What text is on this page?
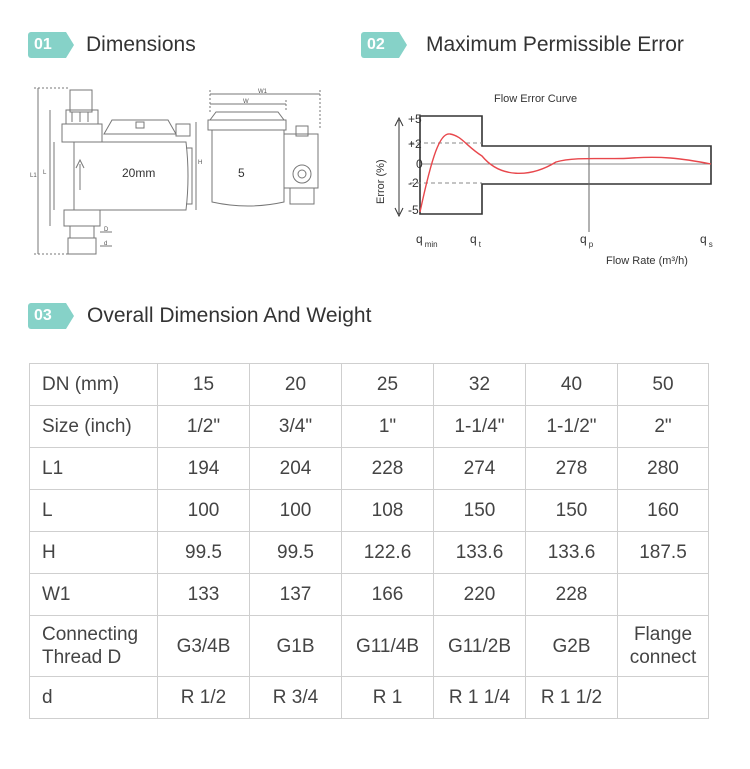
01	Dimensions	02	Maximum Permissible Error
03	Overall Dimension And Weight
L1 L
H
W1
W
D
d
20mm	5
Flow Error Curve
+5
+2
0
-2
-5
Error (%)
q $_{min}$	q $_t$	q $_p$	q $_s$
Flow Rate (m³/h)
DN (mm)	15	20	25	32	40	50
Size (inch)	1/2"	3/4"	1"	1-1/4"	1-1/2"	2"
L1	194	204	228	274	278	280
L	100	100	108	150	150	160
H	99.5	99.5	122.6	133.6	133.6	187.5
W1	133	137	166	220	228	
Connecting
Thread D	G3/4B	G1B	G11/4B	G11/2B	G2B	Flange
connect
d	R 1/2	R 3/4	R 1	R 1 1/4	R 1 1/2	
